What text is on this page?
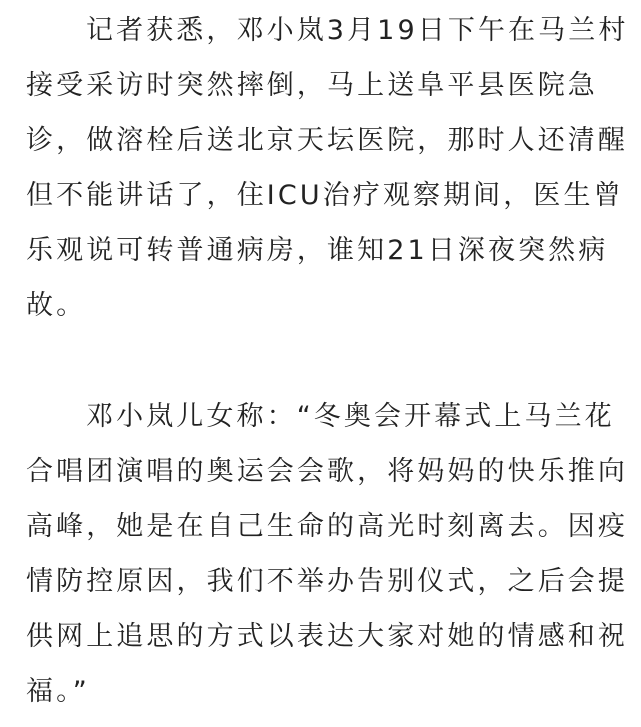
记者获悉，邓小岚3月19日下午在马兰村
接受采访时突然摔倒，马上送阜平县医院急
诊，做溶栓后送北京天坛医院，那时人还清醒
但不能讲话了，住ICU治疗观察期间，医生曾
乐观说可转普通病房，谁知21日深夜突然病
故。
邓小岚儿女称：“冬奥会开幕式上马兰花
合唱团演唱的奥运会会歌，将妈妈的快乐推向
高峰，她是在自己生命的高光时刻离去。因疫
情防控原因，我们不举办告别仪式，之后会提
供网上追思的方式以表达大家对她的情感和祝
福。”
